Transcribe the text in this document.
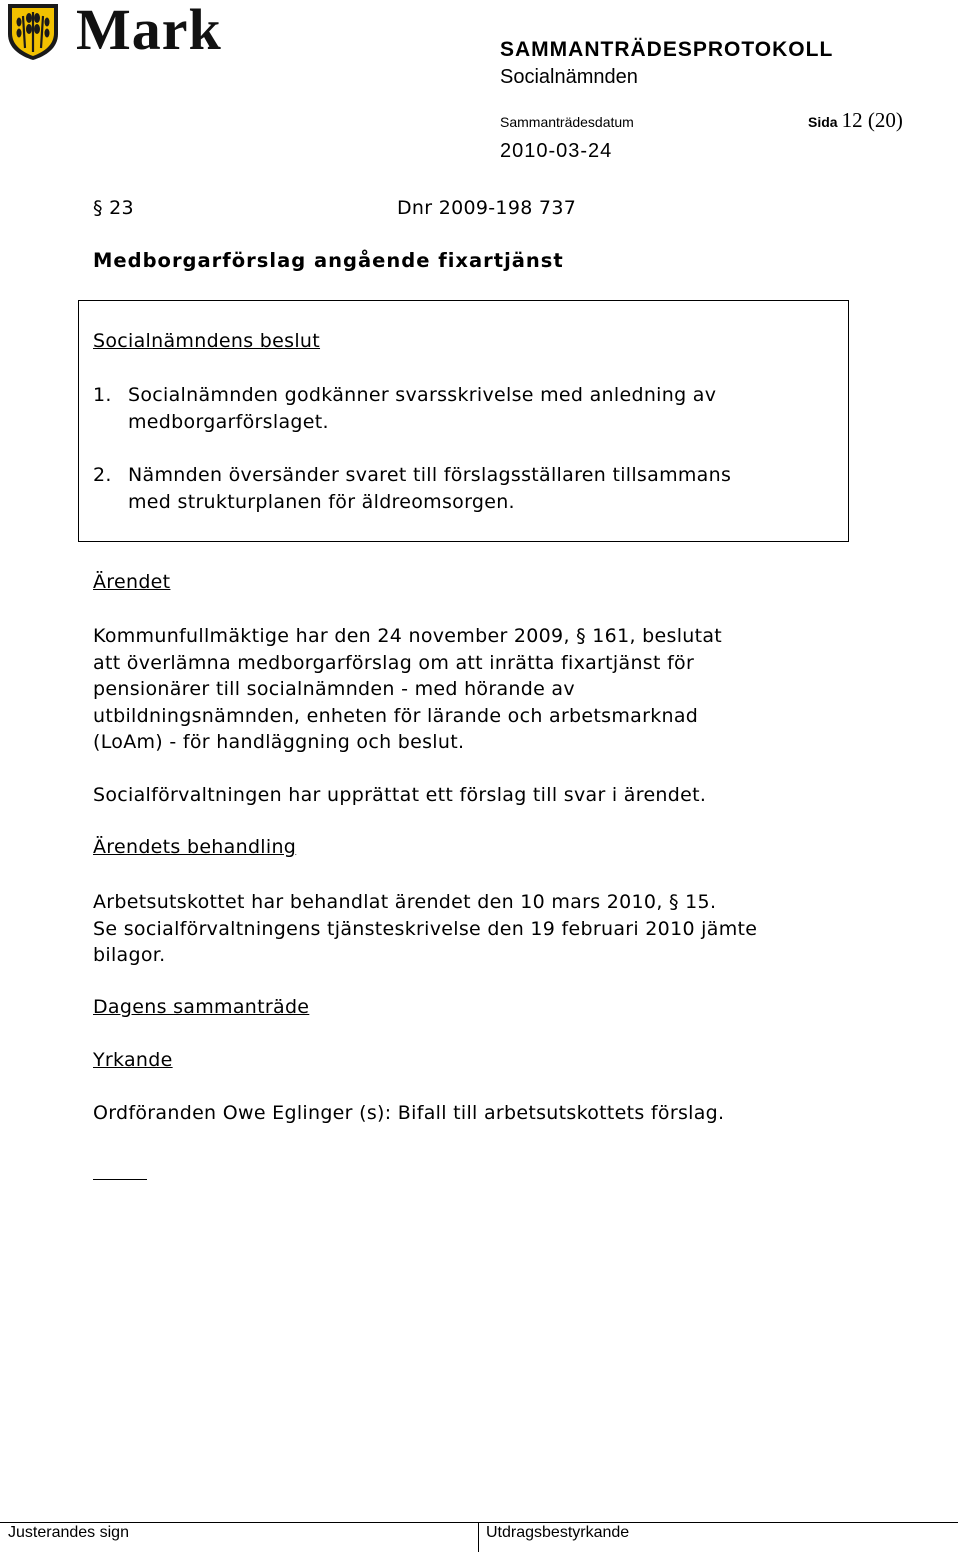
Mark	SAMMANTRÄDESPROTOKOLL
Socialnämnden
Sammanträdesdatum	Sida 12 (20)
2010-03-24
§ 23	Dnr 2009-198 737
Medborgarförslag angående fixartjänst
Socialnämndens beslut
1. Socialnämnden godkänner svarsskrivelse med anledning av
medborgarförslaget.
2. Nämnden översänder svaret till förslagsställaren tillsammans
med strukturplanen för äldreomsorgen.
Ärendet
Kommunfullmäktige har den 24 november 2009, § 161, beslutat
att överlämna medborgarförslag om att inrätta fixartjänst för
pensionärer till socialnämnden - med hörande av
utbildningsnämnden, enheten för lärande och arbetsmarknad
(LoAm) - för handläggning och beslut.
Socialförvaltningen har upprättat ett förslag till svar i ärendet.
Ärendets behandling
Arbetsutskottet har behandlat ärendet den 10 mars 2010, § 15.
Se socialförvaltningens tjänsteskrivelse den 19 februari 2010 jämte
bilagor.
Dagens sammanträde
Yrkande
Ordföranden Owe Eglinger (s): Bifall till arbetsutskottets förslag.
Justerandes sign	Utdragsbestyrkande
